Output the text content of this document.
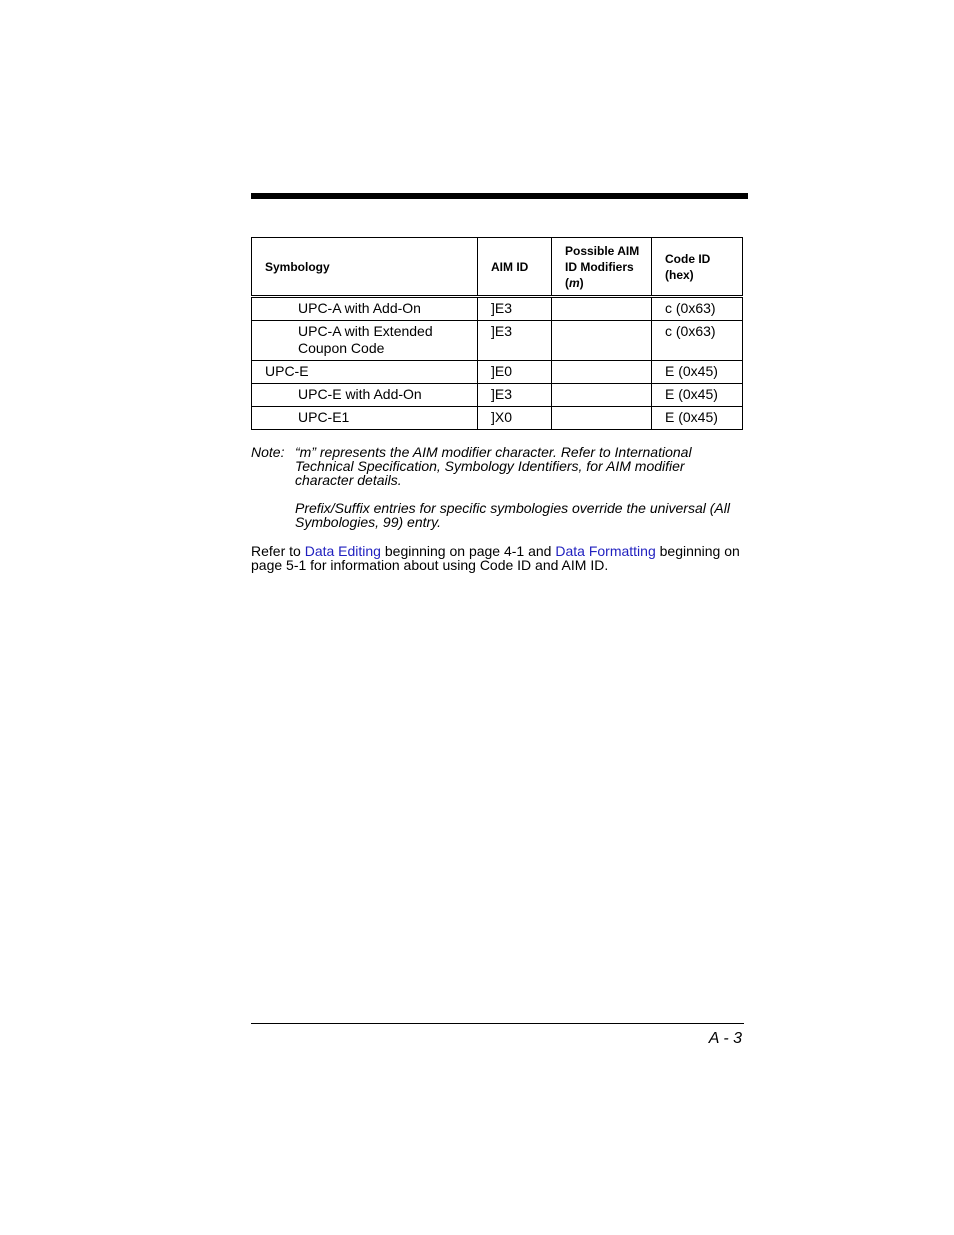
Symbology	AIM ID	Possible AIM ID Modifiers (m)	Code ID (hex)
UPC-A with Add-On	]E3		c (0x63)
UPC-A with Extended Coupon Code	]E3		c (0x63)
UPC-E	]E0		E (0x45)
UPC-E with Add-On	]E3		E (0x45)
UPC-E1	]X0		E (0x45)
Note: “m” represents the AIM modifier character. Refer to International Technical Specification, Symbology Identifiers, for AIM modifier character details.

Prefix/Suffix entries for specific symbologies override the universal (All Symbologies, 99) entry.

Refer to Data Editing beginning on page 4-1 and Data Formatting beginning on page 5-1 for information about using Code ID and AIM ID.
A - 3
